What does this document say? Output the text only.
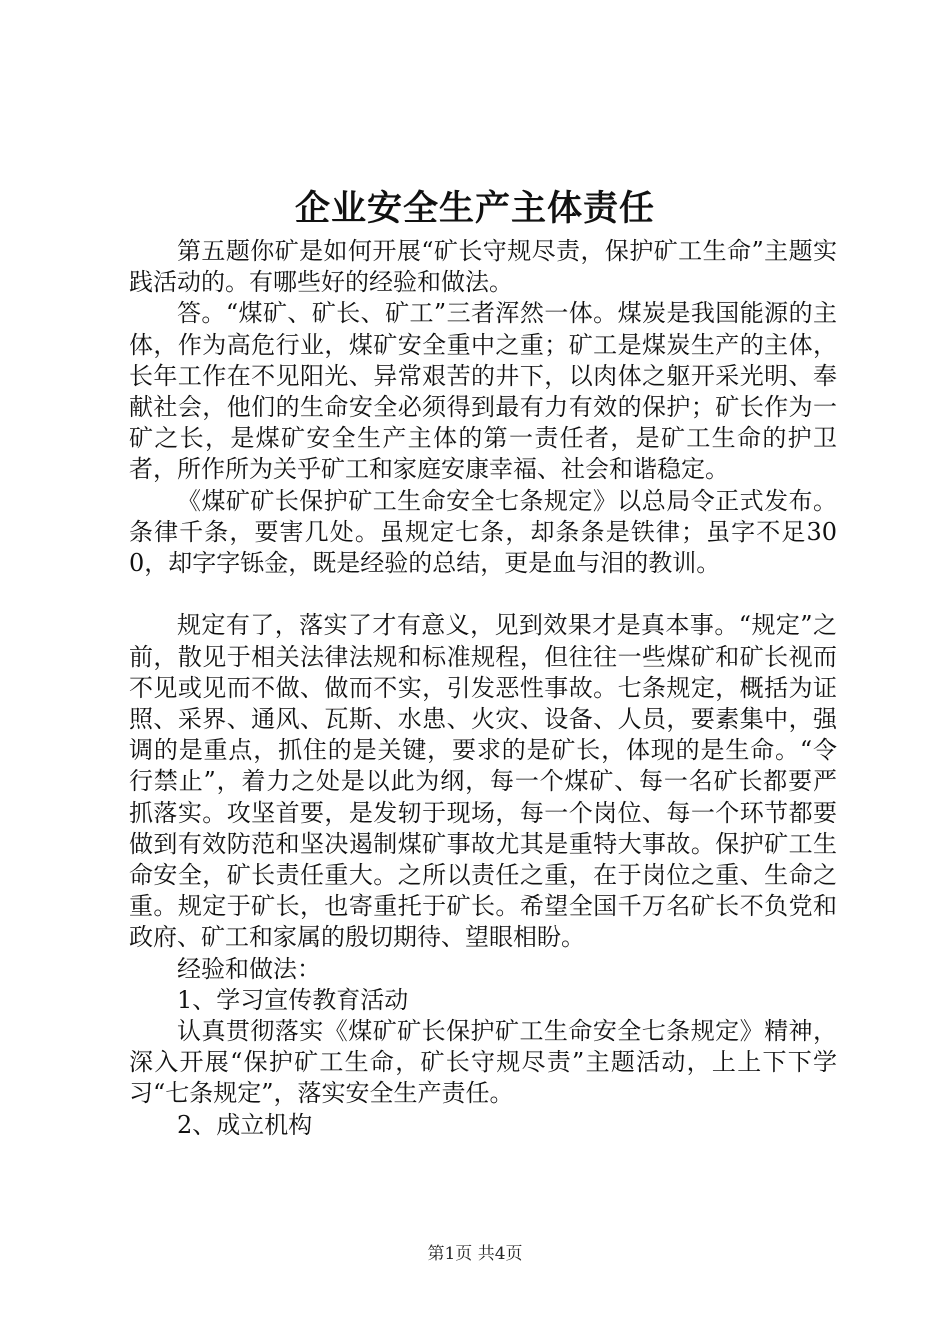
企业安全生产主体责任

第五题你矿是如何开展“矿长守规尽责，保护矿工生命”主题实践活动的。有哪些好的经验和做法。

答。“煤矿、矿长、矿工”三者浑然一体。煤炭是我国能源的主体，作为高危行业，煤矿安全重中之重；矿工是煤炭生产的主体，长年工作在不见阳光、异常艰苦的井下，以肉体之躯开采光明、奉献社会，他们的生命安全必须得到最有力有效的保护；矿长作为一矿之长，是煤矿安全生产主体的第一责任者，是矿工生命的护卫者，所作所为关乎矿工和家庭安康幸福、社会和谐稳定。

《煤矿矿长保护矿工生命安全七条规定》以总局令正式发布。条律千条，要害几处。虽规定七条，却条条是铁律；虽字不足300，却字字铄金，既是经验的总结，更是血与泪的教训。

规定有了，落实了才有意义，见到效果才是真本事。“规定”之前，散见于相关法律法规和标准规程，但往往一些煤矿和矿长视而不见或见而不做、做而不实，引发恶性事故。七条规定，概括为证照、采界、通风、瓦斯、水患、火灾、设备、人员，要素集中，强调的是重点，抓住的是关键，要求的是矿长，体现的是生命。“令行禁止”，着力之处是以此为纲，每一个煤矿、每一名矿长都要严抓落实。攻坚首要，是发轫于现场，每一个岗位、每一个环节都要做到有效防范和坚决遏制煤矿事故尤其是重特大事故。保护矿工生命安全，矿长责任重大。之所以责任之重，在于岗位之重、生命之重。规定于矿长，也寄重托于矿长。希望全国千万名矿长不负党和政府、矿工和家属的殷切期待、望眼相盼。

经验和做法：

1、学习宣传教育活动

认真贯彻落实《煤矿矿长保护矿工生命安全七条规定》精神，深入开展“保护矿工生命，矿长守规尽责”主题活动，上上下下学习“七条规定”，落实安全生产责任。

2、成立机构

第1页 共4页
